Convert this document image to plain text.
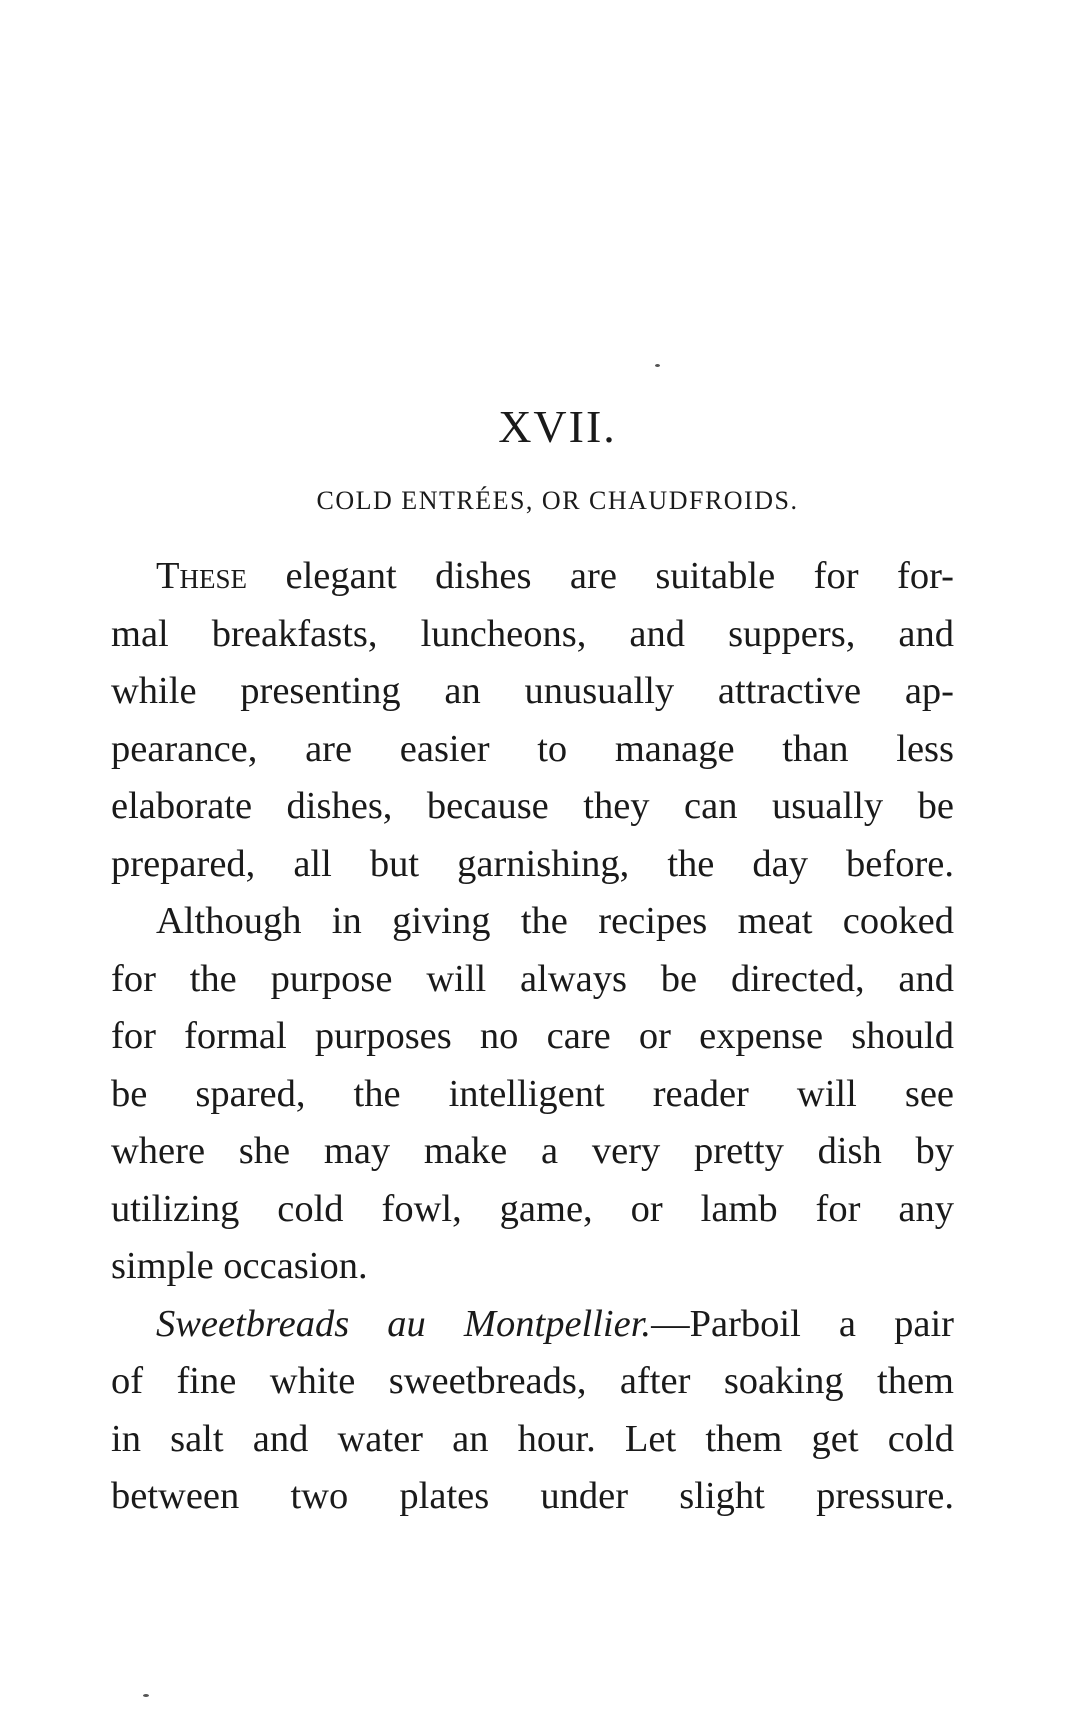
XVII.
COLD ENTRÉES, OR CHAUDFROIDS.
These elegant dishes are suitable for for-
mal breakfasts, luncheons, and suppers, and
while presenting an unusually attractive ap-
pearance, are easier to manage than less
elaborate dishes, because they can usually be
prepared, all but garnishing, the day before.
Although in giving the recipes meat cooked
for the purpose will always be directed, and
for formal purposes no care or expense should
be spared, the intelligent reader will see
where she may make a very pretty dish by
utilizing cold fowl, game, or lamb for any
simple occasion.
Sweetbreads au Montpellier.—Parboil a pair
of fine white sweetbreads, after soaking them
in salt and water an hour. Let them get cold
between two plates under slight pressure.
